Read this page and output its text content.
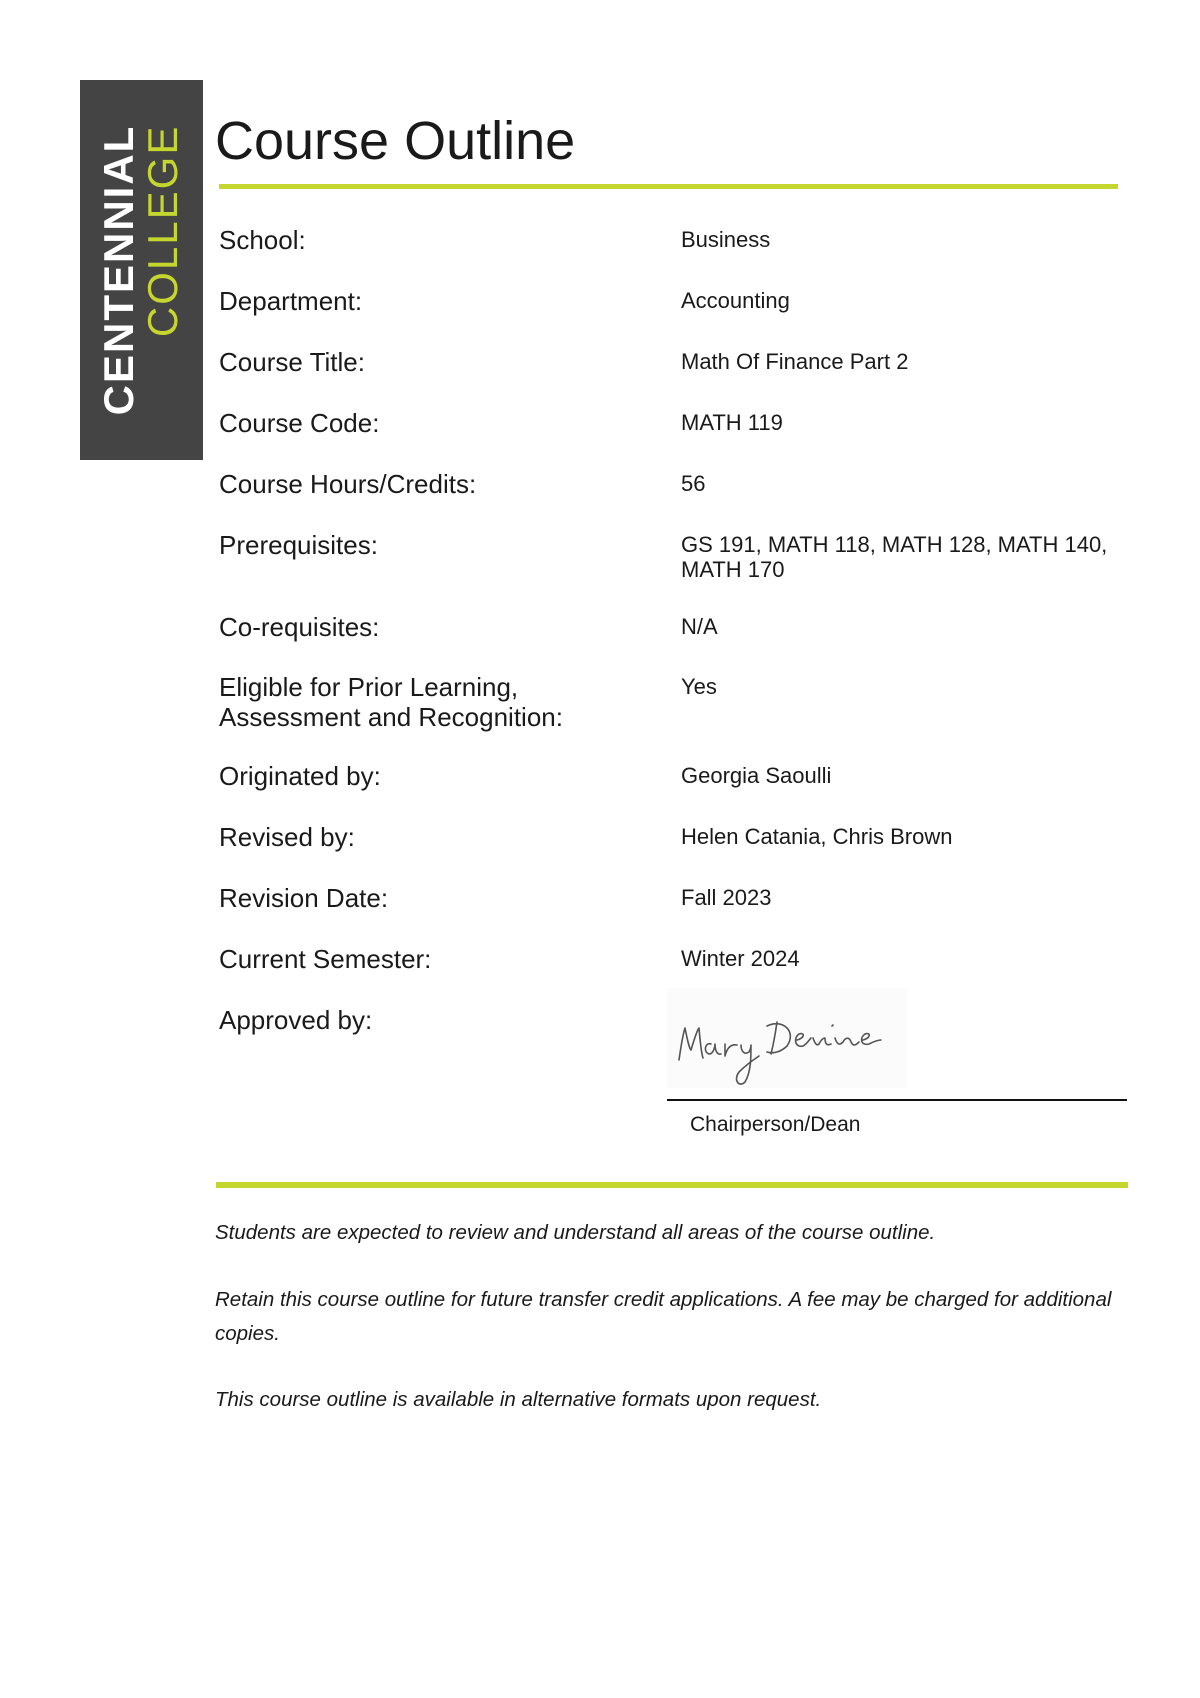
CENTENNIAL
COLLEGE Course Outline
School:	Business
Department:	Accounting
Course Title:	Math Of Finance Part 2
Course Code:	MATH 119
Course Hours/Credits:	56
Prerequisites:	GS 191, MATH 118, MATH 128, MATH 140, MATH 170
Co-requisites:	N/A
Eligible for Prior Learning, Assessment and Recognition:
Yes
Originated by:	Georgia Saoulli
Revised by:	Helen Catania, Chris Brown
Revision Date:	Fall 2023
Current Semester:	Winter 2024
Approved by:
Chairperson/Dean
Students are expected to review and understand all areas of the course outline.
Retain this course outline for future transfer credit applications. A fee may be charged for additional copies.
This course outline is available in alternative formats upon request.
